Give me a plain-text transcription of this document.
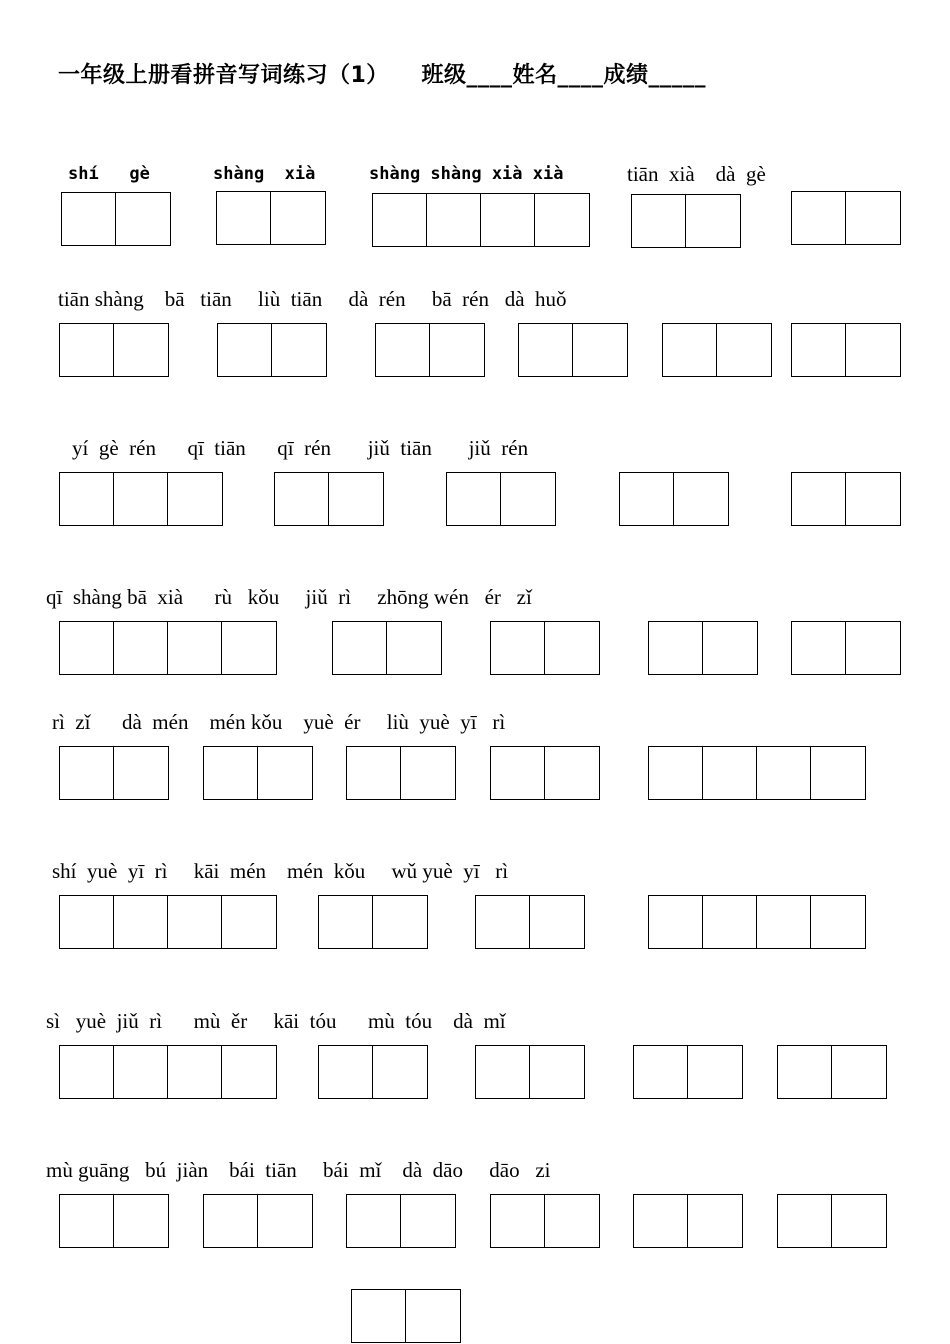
一年级上册看拼音写词练习（1） 班级____姓名____成绩_____
shí   gè	shàng  xià	shàng shàng xià xià	tiān  xià    dà  gè
tiān shàng    bā   tiān     liù  tiān     dà  rén     bā  rén   dà  huǒ
yí  gè  rén      qī  tiān      qī  rén       jiǔ  tiān       jiǔ  rén
qī  shàng bā  xià      rù   kǒu     jiǔ  rì     zhōng wén   ér   zǐ
rì  zǐ      dà  mén    mén kǒu    yuè  ér     liù  yuè  yī   rì
shí  yuè  yī  rì     kāi  mén    mén  kǒu     wǔ yuè  yī   rì
sì   yuè  jiǔ  rì      mù  ěr     kāi  tóu      mù  tóu    dà  mǐ
mù guāng   bú  jiàn    bái  tiān     bái  mǐ    dà  dāo     dāo   zi
